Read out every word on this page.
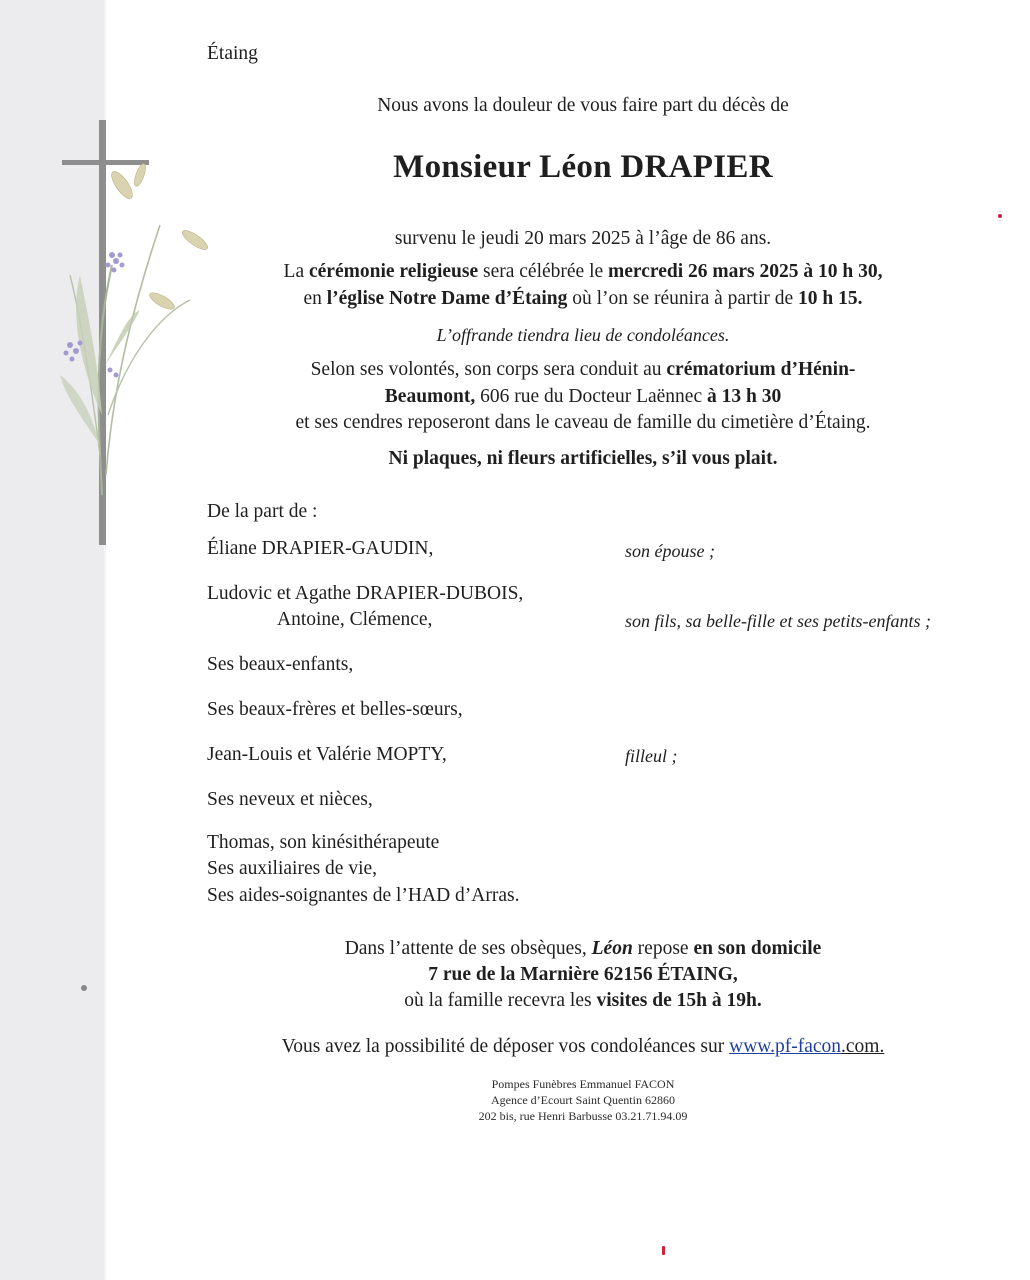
Étaing
Nous avons la douleur de vous faire part du décès de
Monsieur Léon DRAPIER
survenu le jeudi 20 mars 2025 à l’âge de 86 ans.
La cérémonie religieuse sera célébrée le mercredi 26 mars 2025 à 10 h 30,
en l’église Notre Dame d’Étaing où l’on se réunira à partir de 10 h 15.
L’offrande tiendra lieu de condoléances.
Selon ses volontés, son corps sera conduit au crématorium d’Hénin-
Beaumont, 606 rue du Docteur Laënnec à 13 h 30
et ses cendres reposeront dans le caveau de famille du cimetière d’Étaing.
Ni plaques, ni fleurs artificielles, s’il vous plait.
De la part de :
Éliane DRAPIER-GAUDIN,	son épouse ;
Ludovic et Agathe DRAPIER-DUBOIS,
Antoine, Clémence,	son fils, sa belle-fille et ses petits-enfants ;
Ses beaux-enfants,
Ses beaux-frères et belles-sœurs,
Jean-Louis et Valérie MOPTY,	filleul ;
Ses neveux et nièces,
Thomas, son kinésithérapeute
Ses auxiliaires de vie,
Ses aides-soignantes de l’HAD d’Arras.
Dans l’attente de ses obsèques, Léon repose en son domicile
7 rue de la Marnière 62156 ÉTAING,
où la famille recevra les visites de 15h à 19h.
Vous avez la possibilité de déposer vos condoléances sur www.pf-facon.com.
Pompes Funèbres Emmanuel FACON
Agence d’Ecourt Saint Quentin 62860
202 bis, rue Henri Barbusse 03.21.71.94.09
